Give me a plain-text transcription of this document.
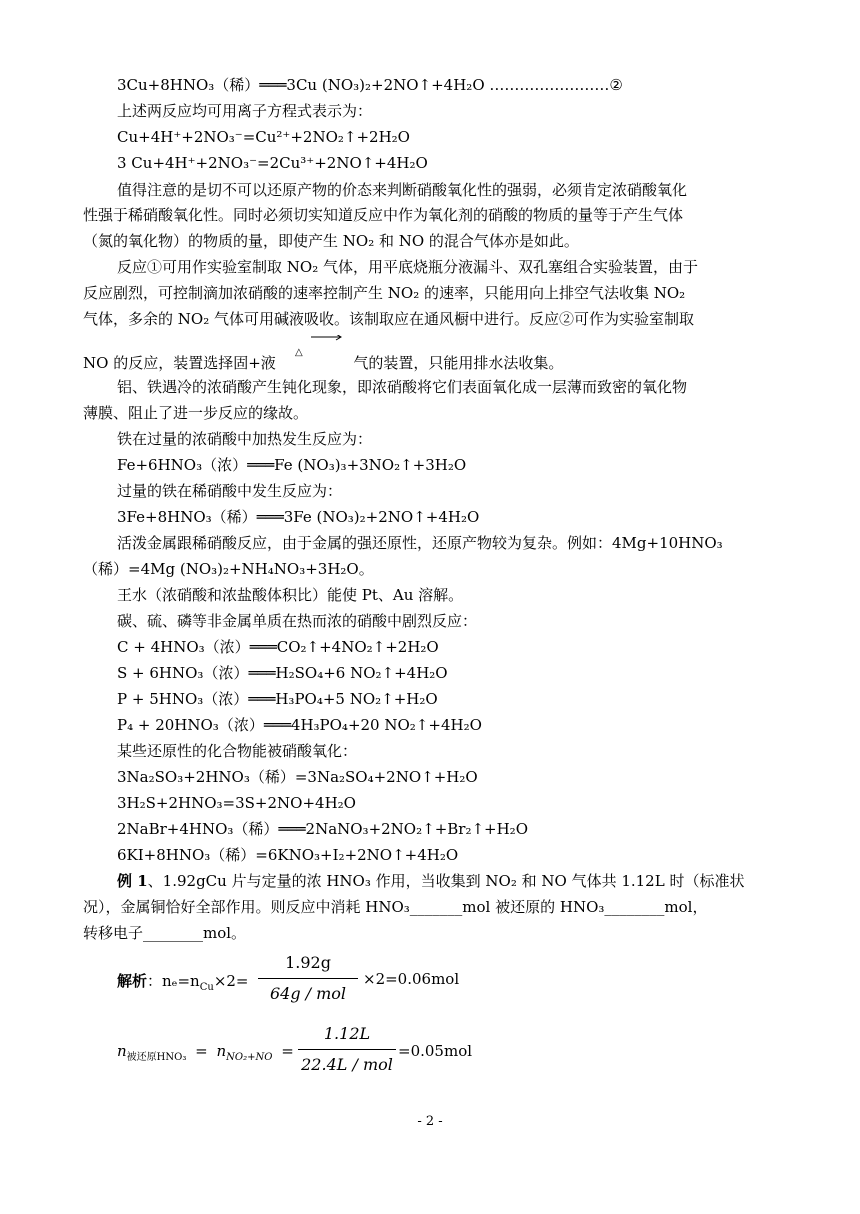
3Cu+8HNO₃（稀）═══3Cu (NO₃)₂+2NO↑+4H₂O ……………………②
上述两反应均可用离子方程式表示为：
Cu+4H⁺+2NO₃⁻=Cu²⁺+2NO₂↑+2H₂O
3 Cu+4H⁺+2NO₃⁻=2Cu³⁺+2NO↑+4H₂O
值得注意的是切不可以还原产物的价态来判断硝酸氧化性的强弱，必须肯定浓硝酸氧化
性强于稀硝酸氧化性。同时必须切实知道反应中作为氧化剂的硝酸的物质的量等于产生气体
（氮的氧化物）的物质的量，即使产生 NO₂ 和 NO 的混合气体亦是如此。
反应①可用作实验室制取 NO₂ 气体，用平底烧瓶分液漏斗、双孔塞组合实验装置，由于
反应剧烈，可控制滴加浓硝酸的速率控制产生 NO₂ 的速率，只能用向上排空气法收集 NO₂
气体，多余的 NO₂ 气体可用碱液吸收。该制取应在通风橱中进行。反应②可作为实验室制取
NO 的反应，装置选择固+液
△
气的装置，只能用排水法收集。
铝、铁遇冷的浓硝酸产生钝化现象，即浓硝酸将它们表面氧化成一层薄而致密的氧化物
薄膜、阻止了进一步反应的缘故。
铁在过量的浓硝酸中加热发生反应为：
Fe+6HNO₃（浓）═══Fe (NO₃)₃+3NO₂↑+3H₂O
过量的铁在稀硝酸中发生反应为：
3Fe+8HNO₃（稀）═══3Fe (NO₃)₂+2NO↑+4H₂O
活泼金属跟稀硝酸反应，由于金属的强还原性，还原产物较为复杂。例如：4Mg+10HNO₃
（稀）=4Mg (NO₃)₂+NH₄NO₃+3H₂O。
王水（浓硝酸和浓盐酸体积比）能使 Pt、Au 溶解。
碳、硫、磷等非金属单质在热而浓的硝酸中剧烈反应：
C + 4HNO₃（浓）═══CO₂↑+4NO₂↑+2H₂O
S + 6HNO₃（浓）═══H₂SO₄+6 NO₂↑+4H₂O
P + 5HNO₃（浓）═══H₃PO₄+5 NO₂↑+H₂O
P₄ + 20HNO₃（浓）═══4H₃PO₄+20 NO₂↑+4H₂O
某些还原性的化合物能被硝酸氧化：
3Na₂SO₃+2HNO₃（稀）=3Na₂SO₄+2NO↑+H₂O
3H₂S+2HNO₃=3S+2NO+4H₂O
2NaBr+4HNO₃（稀）═══2NaNO₃+2NO₂↑+Br₂↑+H₂O
6KI+8HNO₃（稀）=6KNO₃+I₂+2NO↑+4H₂O
例 1、1.92gCu 片与定量的浓 HNO₃ 作用，当收集到 NO₂ 和 NO 气体共 1.12L 时（标准状
况），金属铜恰好全部作用。则反应中消耗 HNO₃_______mol 被还原的 HNO₃________mol，
转移电子________mol。
解析：$n_e=n_{Cu}\times 2=$
1.92g
64g / mol
×2=0.06mol
$n_{被还原HNO_3} = n_{NO_2+NO}$ =
1.12L
22.4L / mol
=0.05mol
- 2 -
